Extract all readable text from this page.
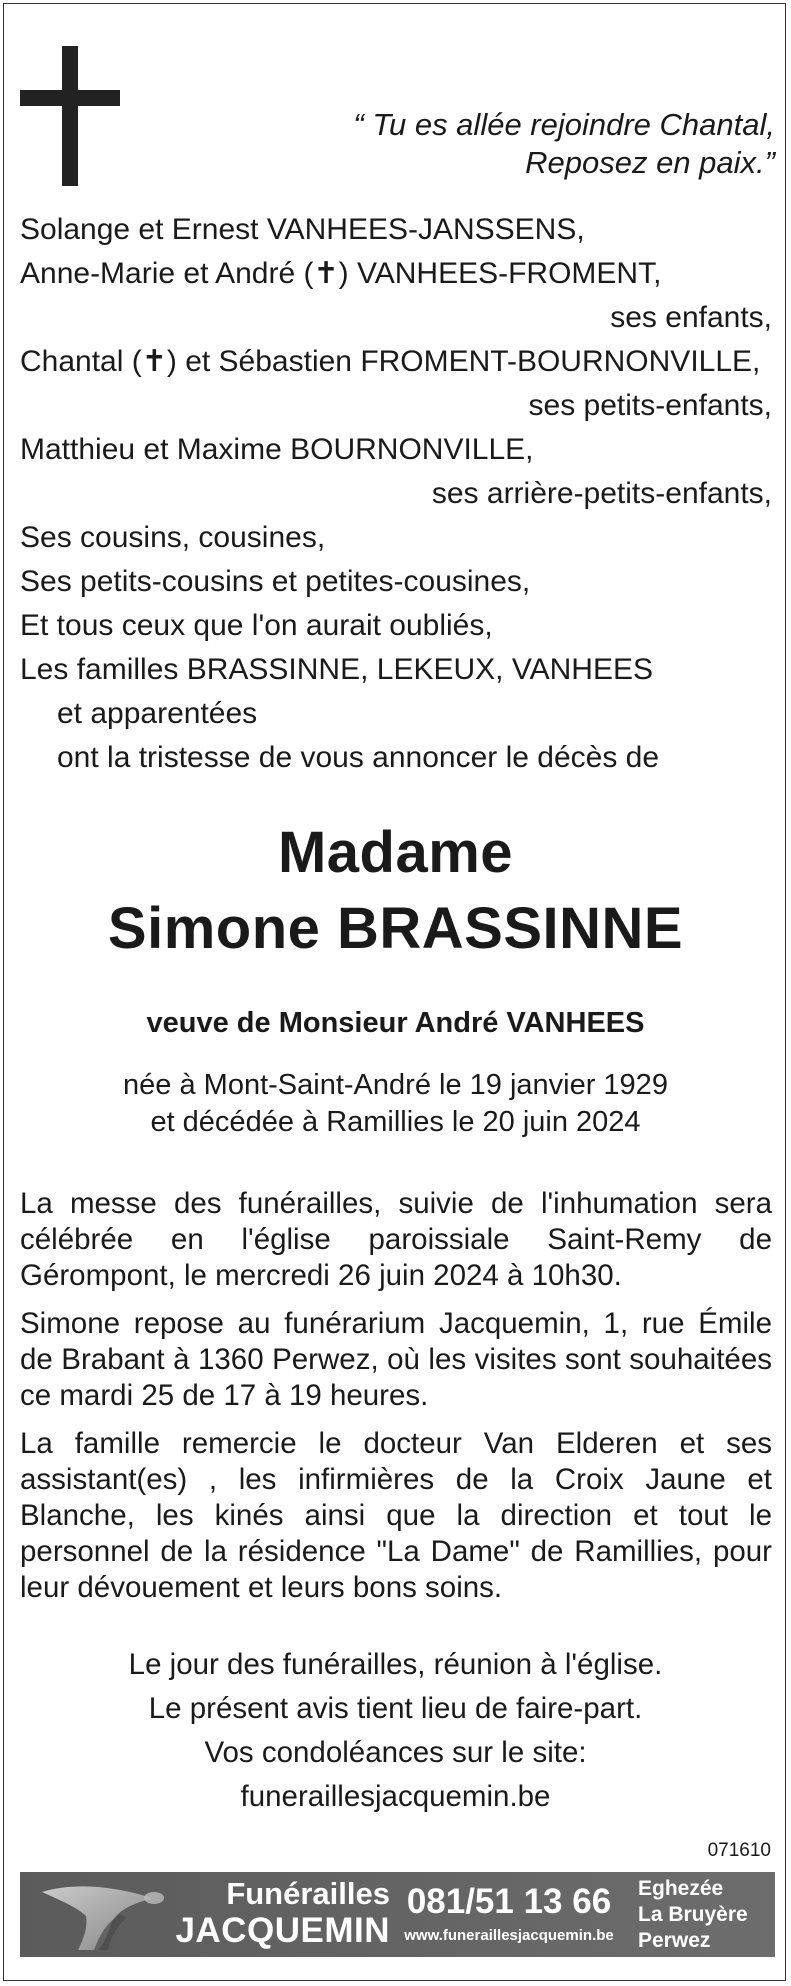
“ Tu es allée rejoindre Chantal,
Reposez en paix.”
Solange et Ernest VANHEES-JANSSENS,
Anne-Marie et André (✝) VANHEES-FROMENT,
ses enfants,
Chantal (✝) et Sébastien FROMENT-BOURNONVILLE,
ses petits-enfants,
Matthieu et Maxime BOURNONVILLE,
ses arrière-petits-enfants,
Ses cousins, cousines,
Ses petits-cousins et petites-cousines,
Et tous ceux que l'on aurait oubliés,
Les familles BRASSINNE, LEKEUX, VANHEES
et apparentées
ont la tristesse de vous annoncer le décès de
Madame
Simone BRASSINNE
veuve de Monsieur André VANHEES
née à Mont-Saint-André le 19 janvier 1929
et décédée à Ramillies le 20 juin 2024

La messe des funérailles, suivie de l'inhumation sera célébrée en l'église paroissiale Saint-Remy de Gérompont, le mercredi 26 juin 2024 à 10h30.

Simone repose au funérarium Jacquemin, 1, rue Émile de Brabant à 1360 Perwez, où les visites sont souhaitées ce mardi 25 de 17 à 19 heures.

La famille remercie le docteur Van Elderen et ses assistant(es) , les infirmières de la Croix Jaune et Blanche, les kinés ainsi que la direction et tout le personnel de la résidence "La Dame" de Ramillies, pour leur dévouement et leurs bons soins.

Le jour des funérailles, réunion à l'église.
Le présent avis tient lieu de faire-part.
Vos condoléances sur le site:
funeraillesjacquemin.be
071610
Funérailles
JACQUEMIN
081/51 13 66
www.funeraillesjacquemin.be
Eghezée
La Bruyère
Perwez
